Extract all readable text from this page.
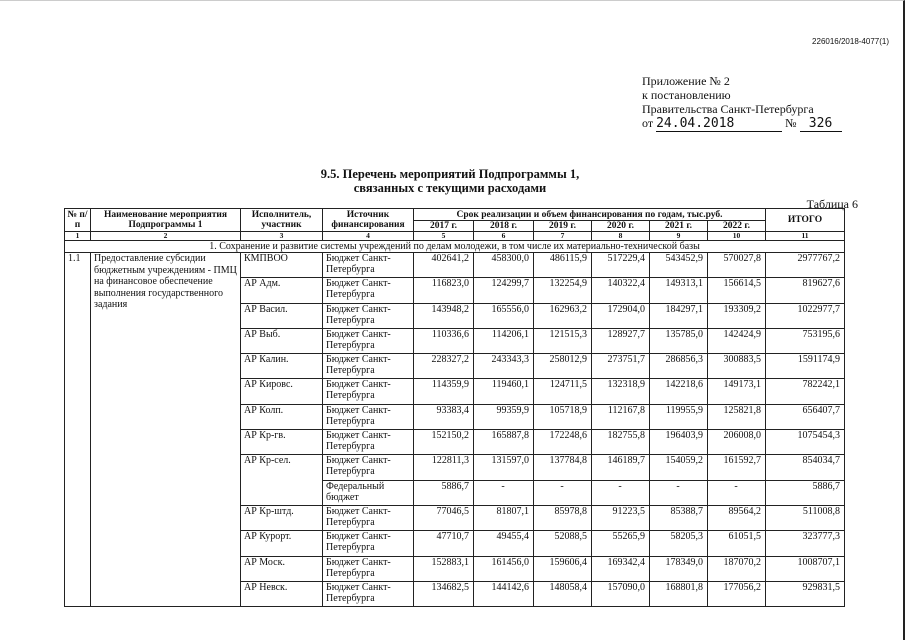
226016/2018-4077(1)
Приложение № 2
к постановлению
Правительства Санкт-Петербурга
от 24.04.2018	№ 326
9.5. Перечень мероприятий Подпрограммы 1,
связанных с текущими расходами
Таблица 6
№ п/п	Наименование мероприятия Подпрограммы 1	Исполнитель, участник	Источник финансирования	Срок реализации и объем финансирования по годам, тыс.руб.						ИТОГО
				2017 г.	2018 г.	2019 г.	2020 г.	2021 г.	2022 г.	
1	2	3	4	5	6	7	8	9	10	11
1. Сохранение и развитие системы учреждений по делам молодежи, в том числе их материально-технической базы										
1.1	Предоставление субсидии бюджетным учреждениям - ПМЦ на финансовое обеспечение выполнения государственного задания	КМПВОО	Бюджет Санкт-Петербурга	402641,2	458300,0	486115,9	517229,4	543452,9	570027,8	2977767,2
		АР Адм.	Бюджет Санкт-Петербурга	116823,0	124299,7	132254,9	140322,4	149313,1	156614,5	819627,6
		АР Васил.	Бюджет Санкт-Петербурга	143948,2	165556,0	162963,2	172904,0	184297,1	193309,2	1022977,7
		АР Выб.	Бюджет Санкт-Петербурга	110336,6	114206,1	121515,3	128927,7	135785,0	142424,9	753195,6
		АР Калин.	Бюджет Санкт-Петербурга	228327,2	243343,3	258012,9	273751,7	286856,3	300883,5	1591174,9
		АР Кировс.	Бюджет Санкт-Петербурга	114359,9	119460,1	124711,5	132318,9	142218,6	149173,1	782242,1
		АР Колп.	Бюджет Санкт-Петербурга	93383,4	99359,9	105718,9	112167,8	119955,9	125821,8	656407,7
		АР Кр-гв.	Бюджет Санкт-Петербурга	152150,2	165887,8	172248,6	182755,8	196403,9	206008,0	1075454,3
		АР Кр-сел.	Бюджет Санкт-Петербурга	122811,3	131597,0	137784,8	146189,7	154059,2	161592,7	854034,7
			Федеральный бюджет	5886,7	-	-	-	-	-	5886,7
		АР Кр-штд.	Бюджет Санкт-Петербурга	77046,5	81807,1	85978,8	91223,5	85388,7	89564,2	511008,8
		АР Курорт.	Бюджет Санкт-Петербурга	47710,7	49455,4	52088,5	55265,9	58205,3	61051,5	323777,3
		АР Моск.	Бюджет Санкт-Петербурга	152883,1	161456,0	159606,4	169342,4	178349,0	187070,2	1008707,1
		АР Невск.	Бюджет Санкт-Петербурга	134682,5	144142,6	148058,4	157090,0	168801,8	177056,2	929831,5
